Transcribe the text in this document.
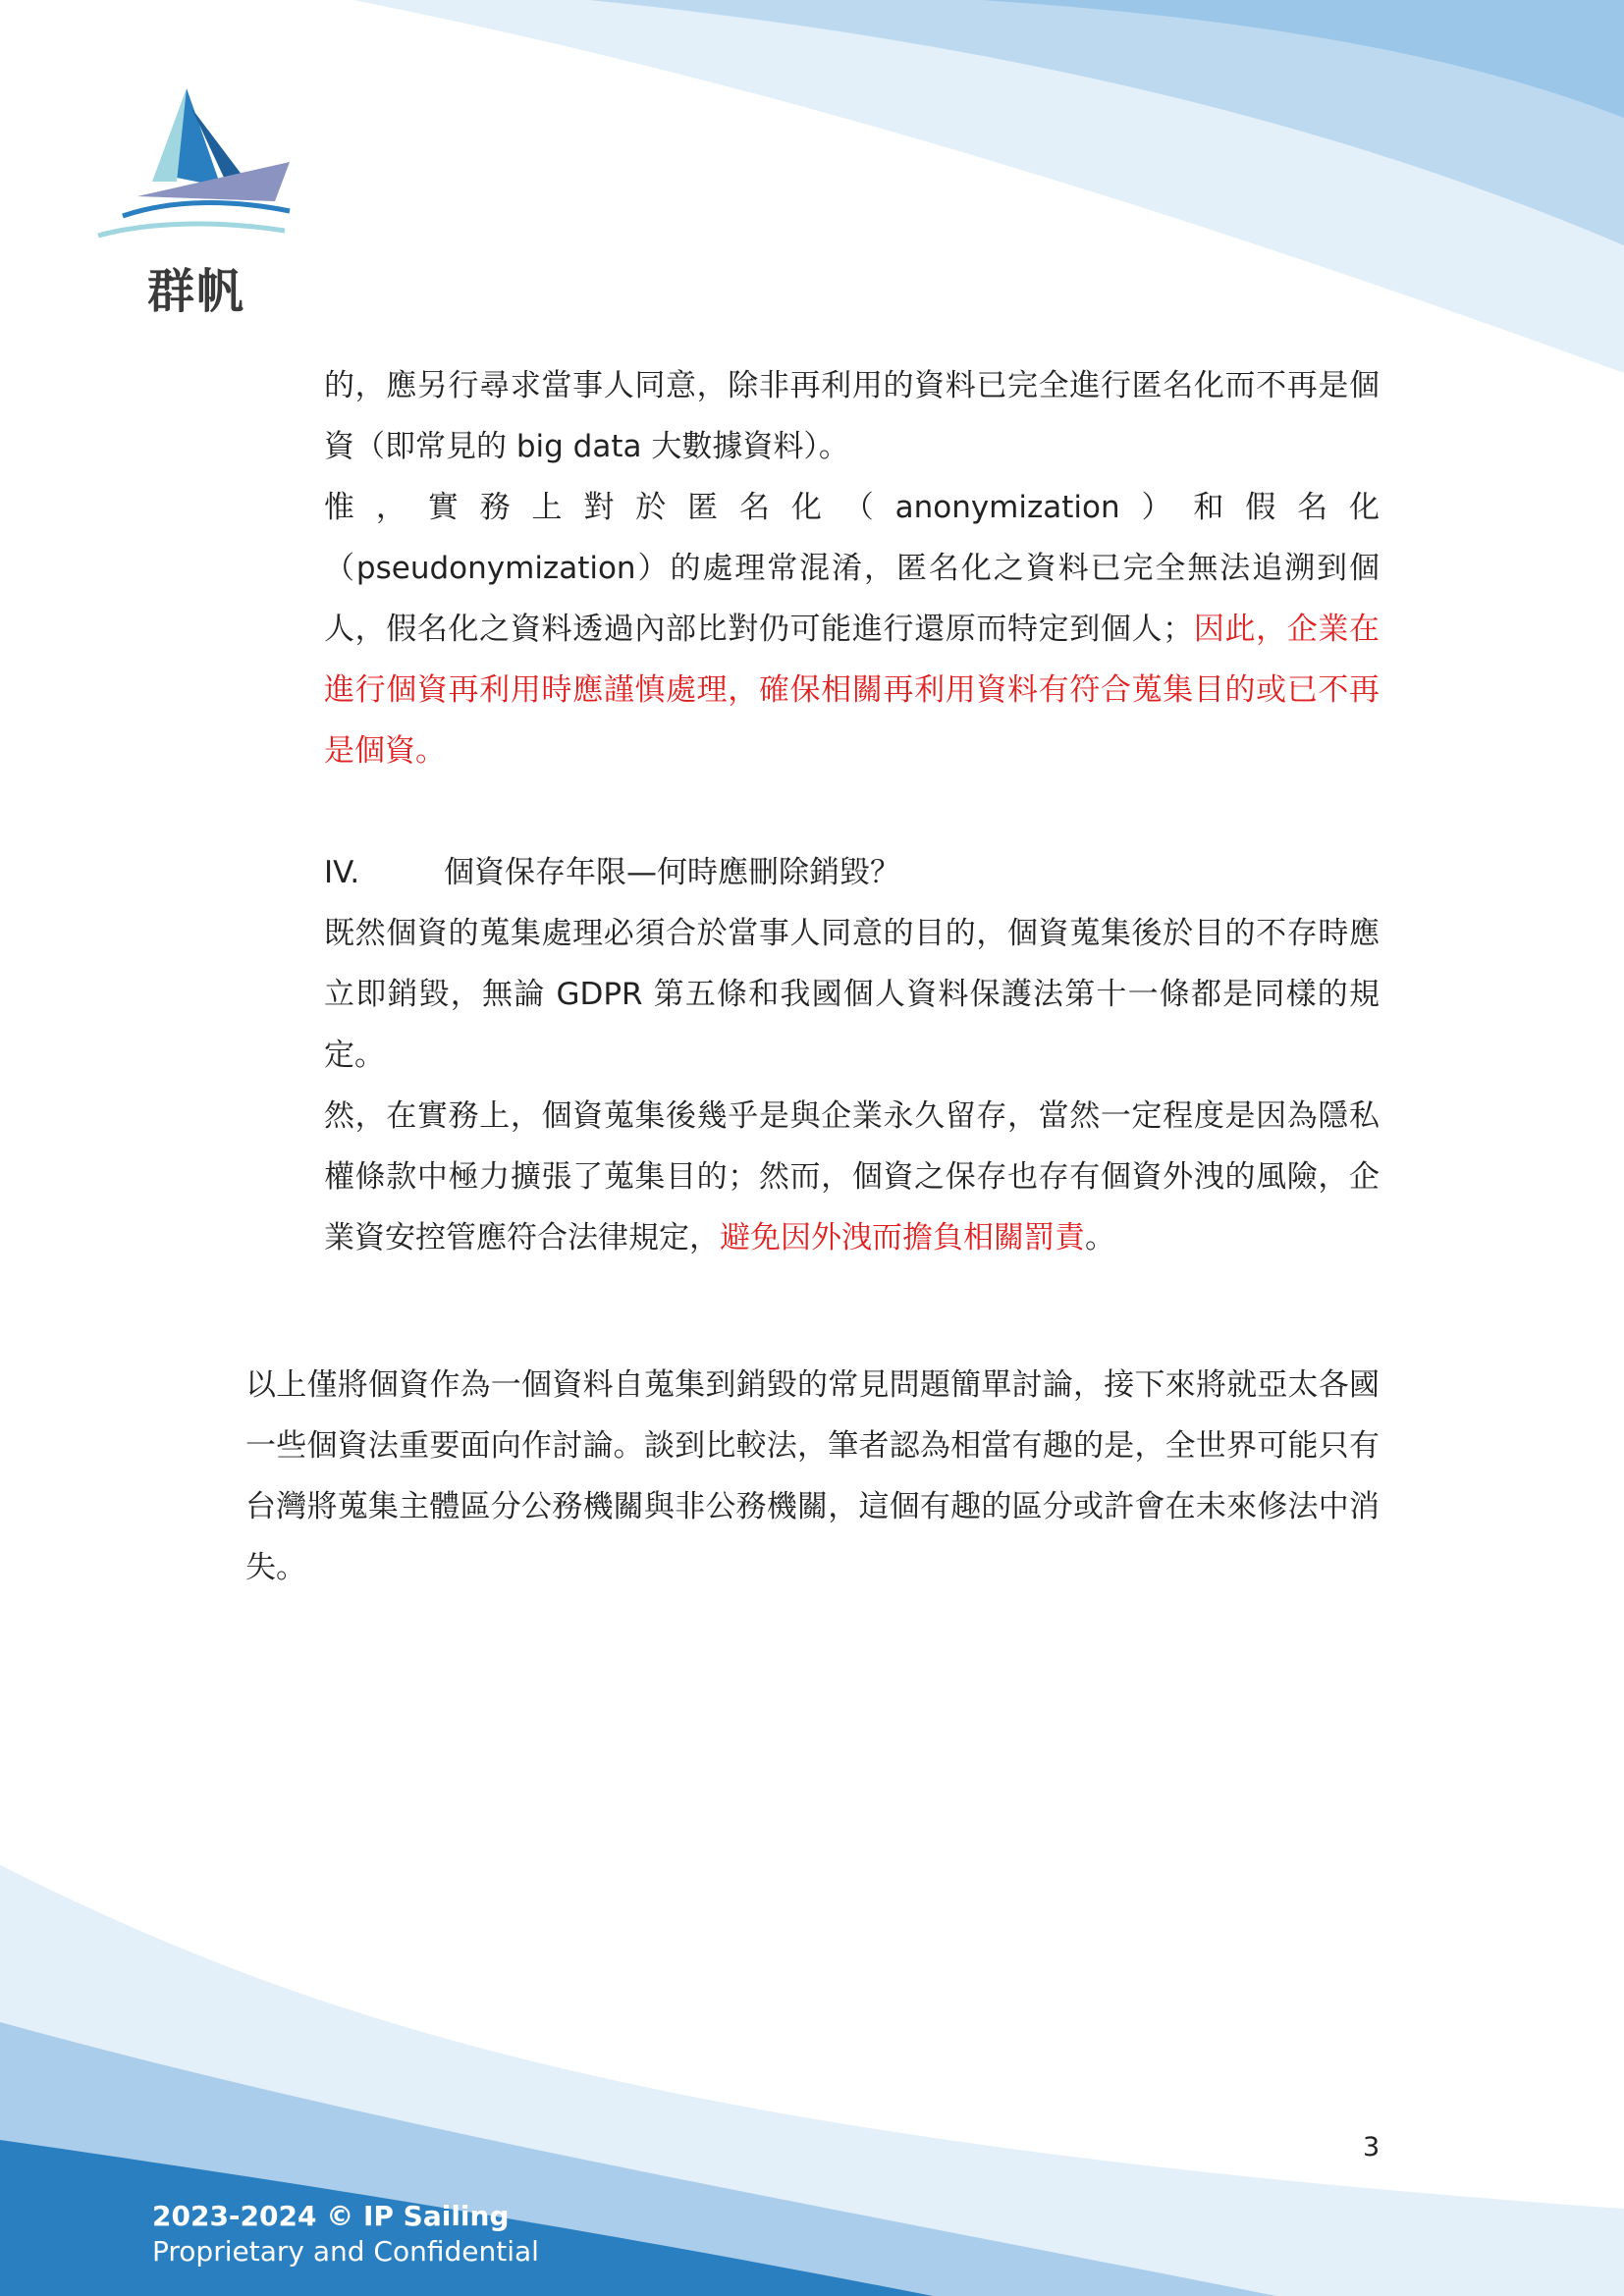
群帆

的，應另行尋求當事人同意，除非再利用的資料已完全進行匿名化而不再是個資（即常見的 big data 大數據資料）。

惟，實務上對於匿名化（anonymization）和假名化

（pseudonymization）的處理常混淆，匿名化之資料已完全無法追溯到個人，假名化之資料透過內部比對仍可能進行還原而特定到個人；因此，企業在進行個資再利用時應謹慎處理，確保相關再利用資料有符合蒐集目的或已不再是個資。

IV.	個資保存年限—何時應刪除銷毀？

既然個資的蒐集處理必須合於當事人同意的目的，個資蒐集後於目的不存時應立即銷毀，無論 GDPR 第五條和我國個人資料保護法第十一條都是同樣的規定。

然，在實務上，個資蒐集後幾乎是與企業永久留存，當然一定程度是因為隱私權條款中極力擴張了蒐集目的；然而，個資之保存也存有個資外洩的風險，企業資安控管應符合法律規定，避免因外洩而擔負相關罰責。

以上僅將個資作為一個資料自蒐集到銷毀的常見問題簡單討論，接下來將就亞太各國一些個資法重要面向作討論。談到比較法，筆者認為相當有趣的是，全世界可能只有台灣將蒐集主體區分公務機關與非公務機關，這個有趣的區分或許會在未來修法中消失。

3
2023-2024 © IP Sailing
Proprietary and Confidential
